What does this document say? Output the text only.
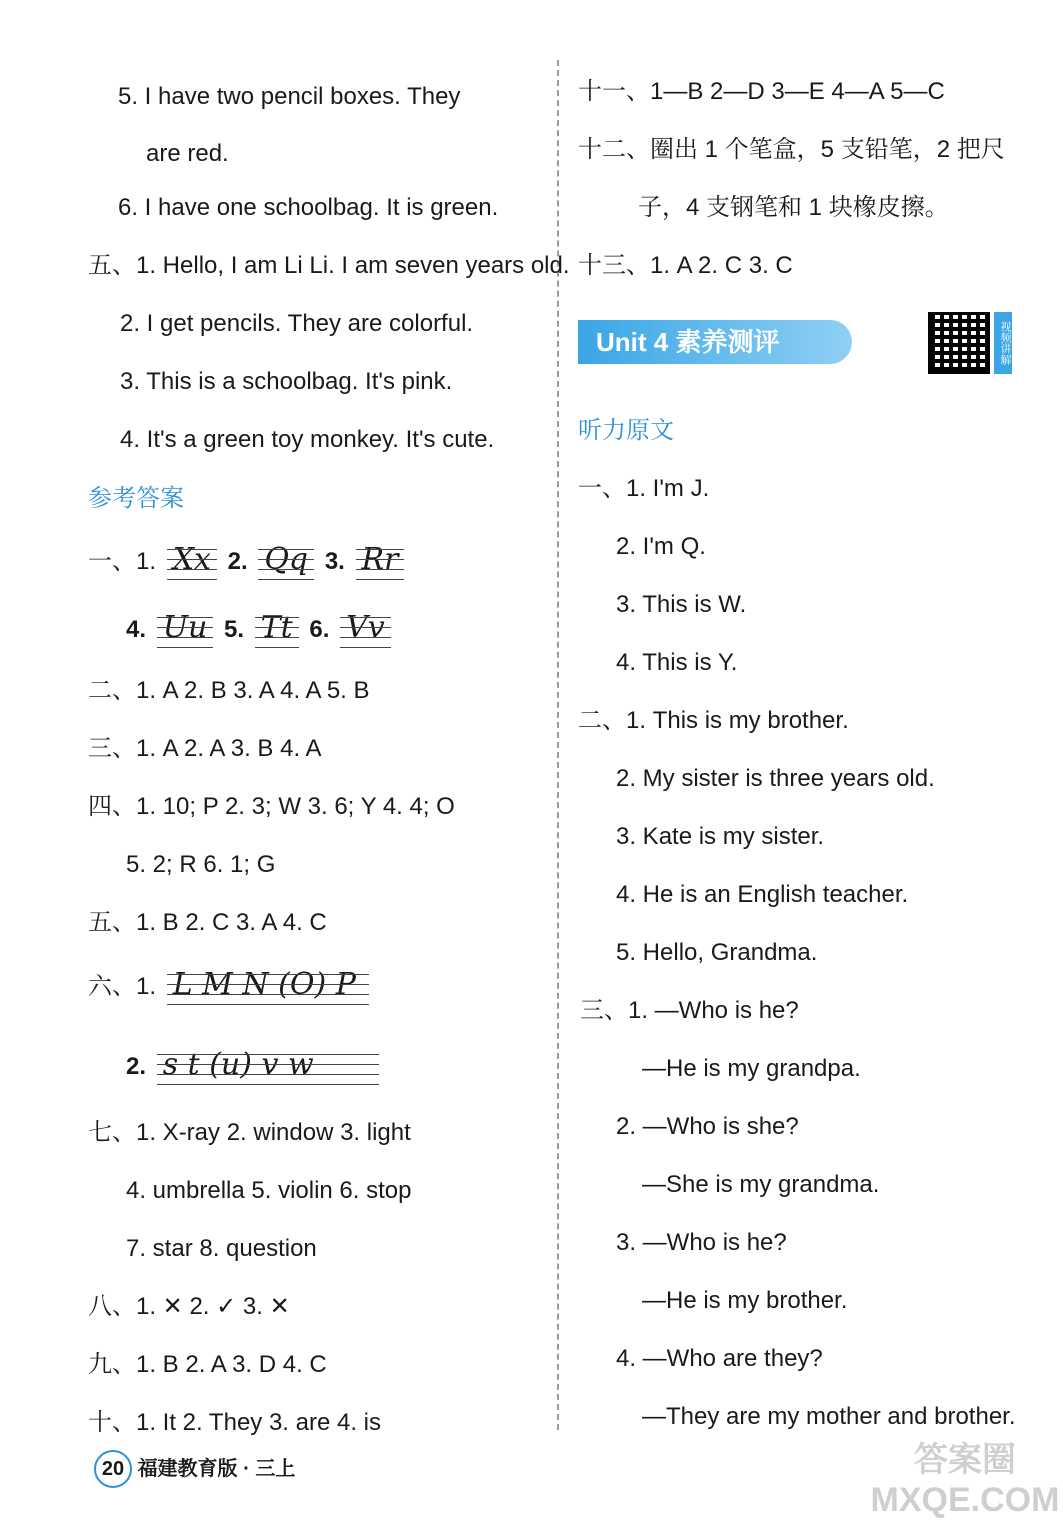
5. I have two pencil boxes. They
are red.
6. I have one schoolbag. It is green.
五、1. Hello, I am Li Li. I am seven years old.
2. I get pencils. They are colorful.
3. This is a schoolbag. It's pink.
4. It's a green toy monkey. It's cute.
参考答案
一、1. Xx 2. Qq 3. Rr
4. Uu 5. Tt 6. Vv
二、1. A 2. B 3. A 4. A 5. B
三、1. A 2. A 3. B 4. A
四、1. 10; P 2. 3; W 3. 6; Y 4. 4; O
5. 2; R 6. 1; G
五、1. B 2. C 3. A 4. C
六、1. L M N (O) P
2. s t (u) v w
七、1. X-ray 2. window 3. light
4. umbrella 5. violin 6. stop
7. star 8. question
八、1. ✕ 2. ✓ 3. ✕
九、1. B 2. A 3. D 4. C
十、1. It 2. They 3. are 4. is
十一、1—B 2—D 3—E 4—A 5—C
十二、圈出 1 个笔盒，5 支铅笔，2 把尺
子，4 支钢笔和 1 块橡皮擦。
十三、1. A 2. C 3. C
Unit 4 素养测评	视频讲解
听力原文
一、1. I'm J.
2. I'm Q.
3. This is W.
4. This is Y.
二、1. This is my brother.
2. My sister is three years old.
3. Kate is my sister.
4. He is an English teacher.
5. Hello, Grandma.
三、1. —Who is he?
—He is my grandpa.
2. —Who is she?
—She is my grandma.
3. —Who is he?
—He is my brother.
4. —Who are they?
—They are my mother and brother.
20 福建教育版 · 三上	答案圈 MXQE.COM
